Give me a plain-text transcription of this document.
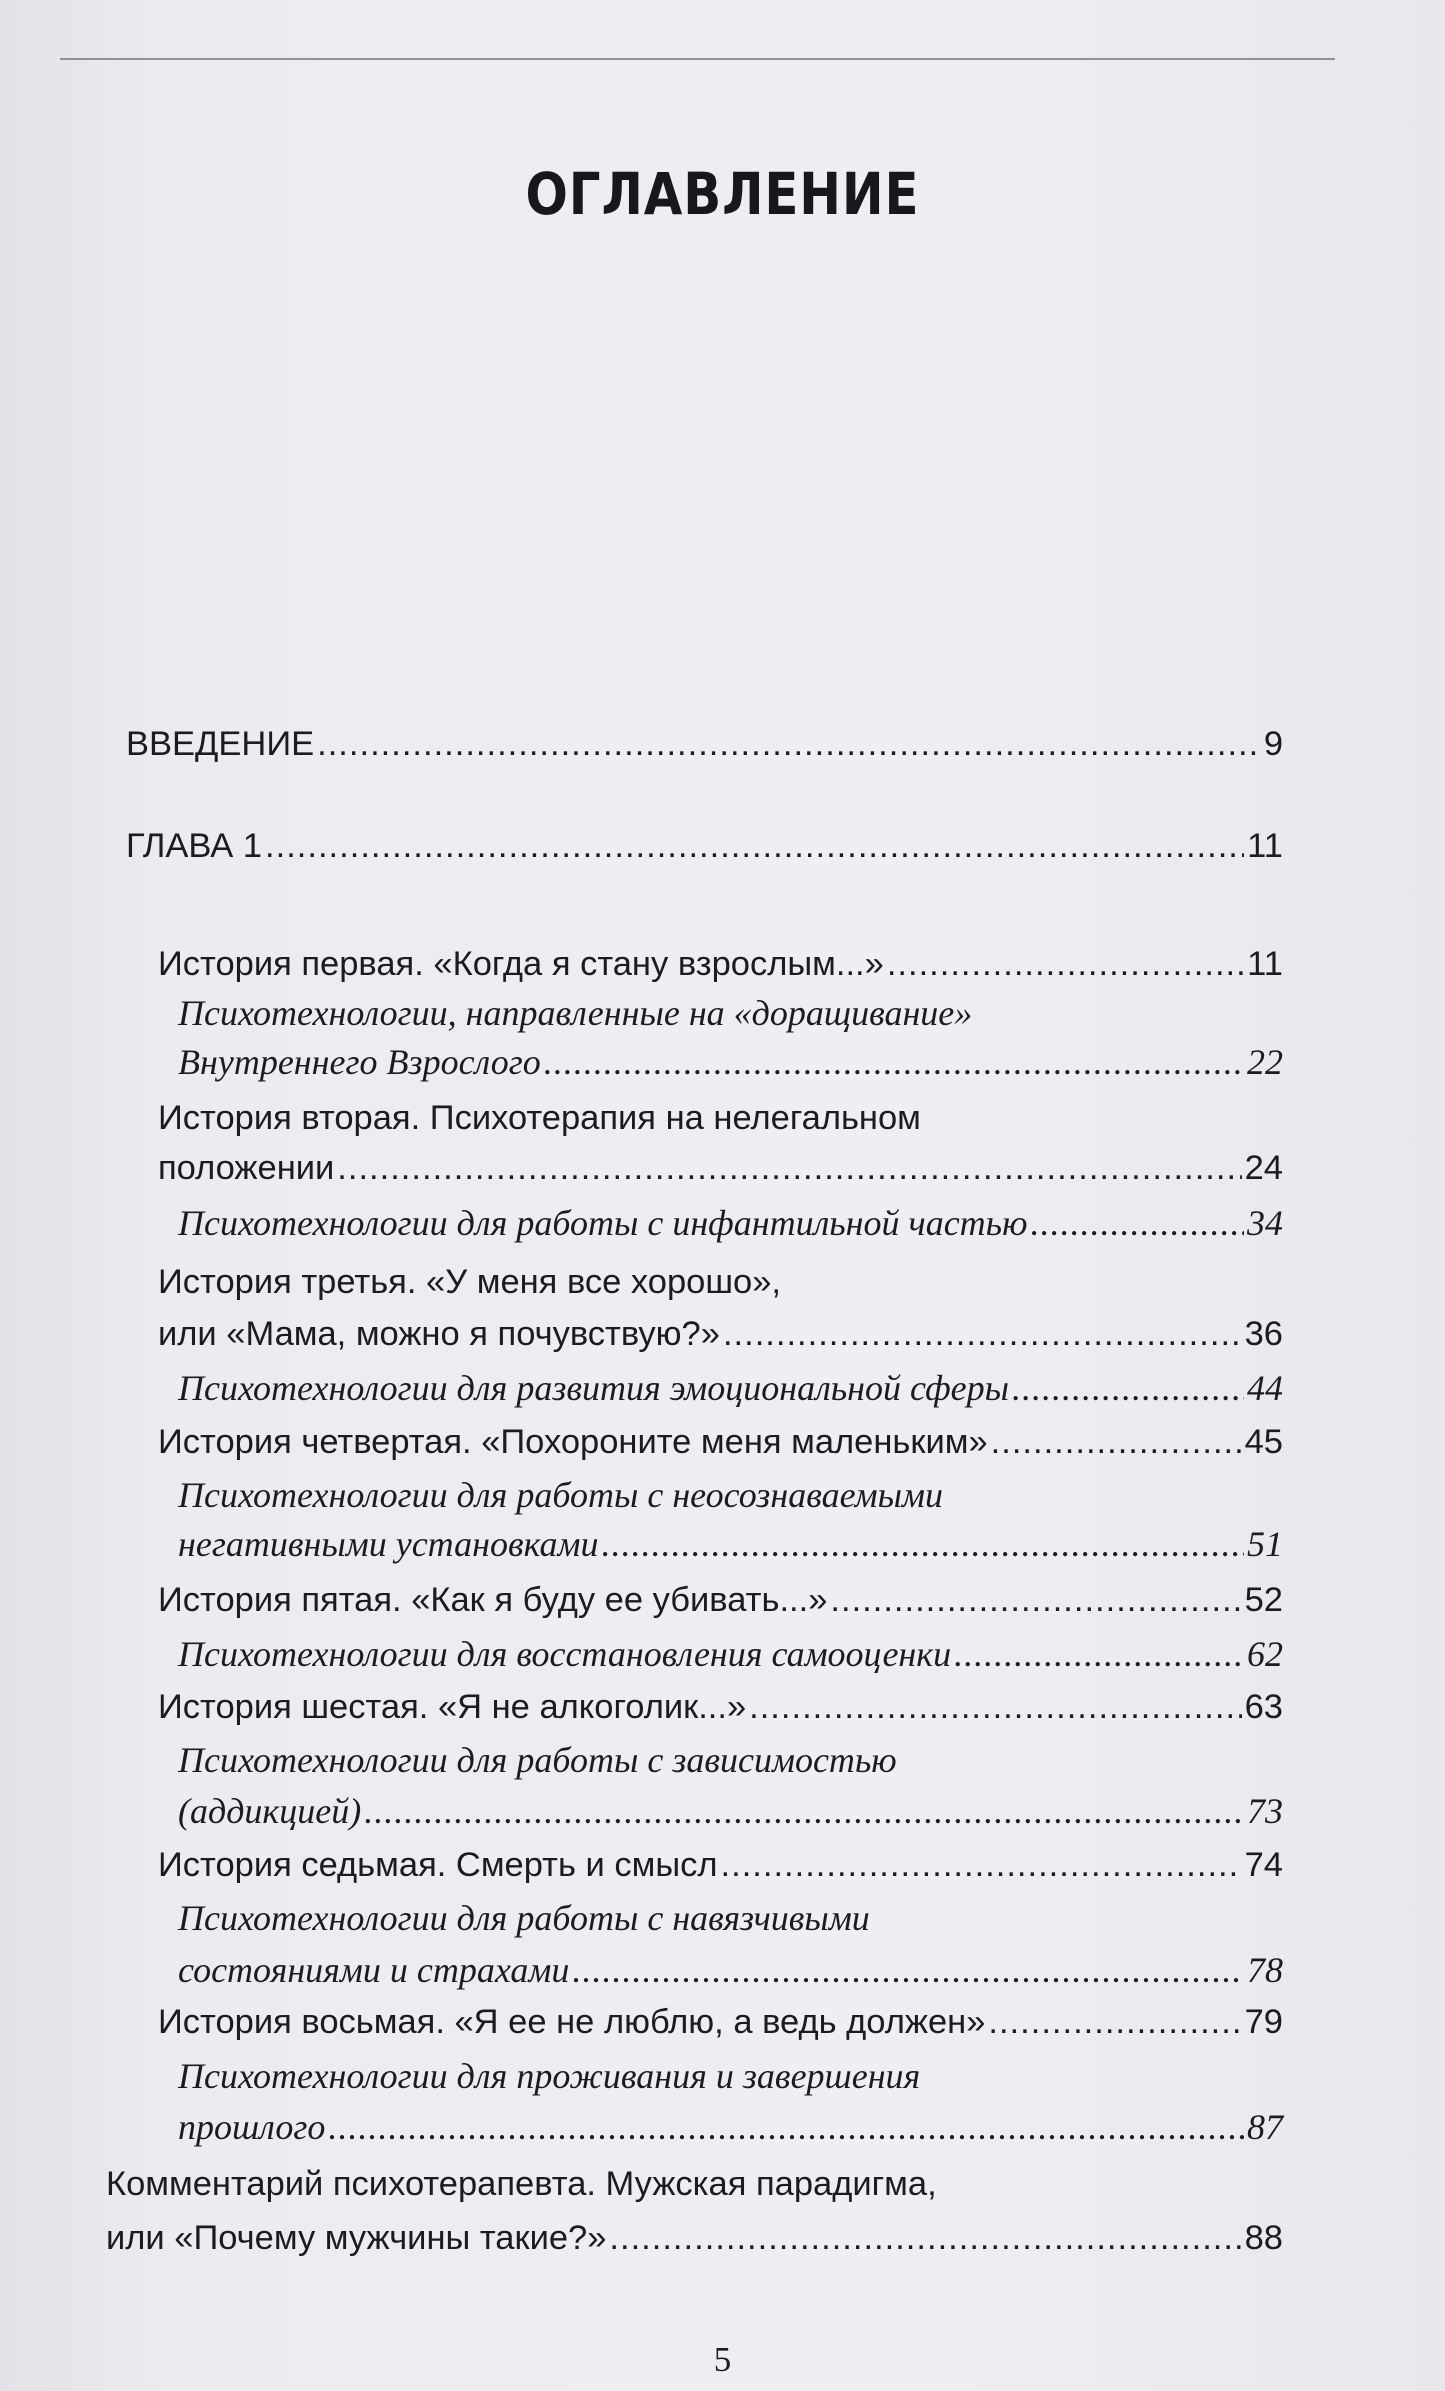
ОГЛАВЛЕНИЕ
ВВЕДЕНИЕ .....	9
ГЛАВА 1 .....	11
История первая. «Когда я стану взрослым...» .....	11
Психотехнологии, направленные на «доращивание»
Внутреннего Взрослого .....	22
История вторая. Психотерапия на нелегальном
положении .....	24
Психотехнологии для работы с инфантильной частью .....	34
История третья. «У меня все хорошо»,
или «Мама, можно я почувствую?» .....	36
Психотехнологии для развития эмоциональной сферы .....	44
История четвертая. «Похороните меня маленьким» .....	45
Психотехнологии для работы с неосознаваемыми
негативными установками .....	51
История пятая. «Как я буду ее убивать...» .....	52
Психотехнологии для восстановления самооценки .....	62
История шестая. «Я не алкоголик...» .....	63
Психотехнологии для работы с зависимостью
(аддикцией) .....	73
История седьмая. Смерть и смысл .....	74
Психотехнологии для работы с навязчивыми
состояниями и страхами .....	78
История восьмая. «Я ее не люблю, а ведь должен» .....	79
Психотехнологии для проживания и завершения
прошлого .....	87
Комментарий психотерапевта. Мужская парадигма,
или «Почему мужчины такие?» .....	88
5
